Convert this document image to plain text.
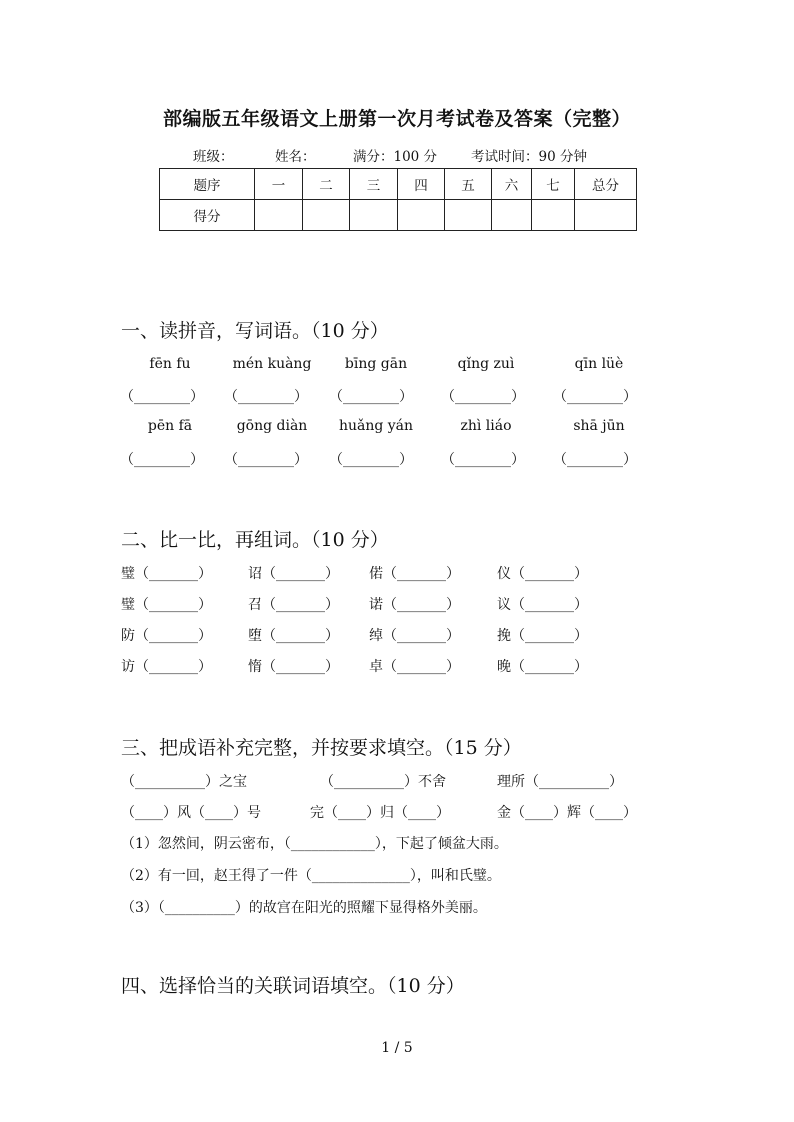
部编版五年级语文上册第一次月考试卷及答案（完整）
班级：	姓名：	满分：100 分	考试时间：90 分钟
题序	一	二	三	四	五	六	七	总分
得分								
一、读拼音，写词语。（10 分）
fēn fu	mén kuàng	bīng gān	qǐng zuì	qīn lüè
（________） （________） （________） （________） （________）
pēn fā	gōng diàn	huǎng yán	zhì liáo	shā jūn
（________） （________） （________） （________） （________）
二、比一比，再组词。（10 分）
璧（_______）	诏（_______） 偌（_______）	仪（_______）
璧（_______）	召（_______） 诺（_______）	议（_______）
防（_______）	堕（_______） 绰（_______）	挽（_______）
访（_______）	惰（_______） 卓（_______）	晚（_______）
三、把成语补充完整，并按要求填空。（15 分）
（__________）之宝	（__________）不舍	理所（__________）
（____）风（____）号	完（____）归（____）	金（____）辉（____）
（1）忽然间，阴云密布，（____________），下起了倾盆大雨。
（2）有一回，赵王得了一件（______________），叫和氏璧。
（3）（__________）的故宫在阳光的照耀下显得格外美丽。
四、选择恰当的关联词语填空。（10 分）
1 / 5
